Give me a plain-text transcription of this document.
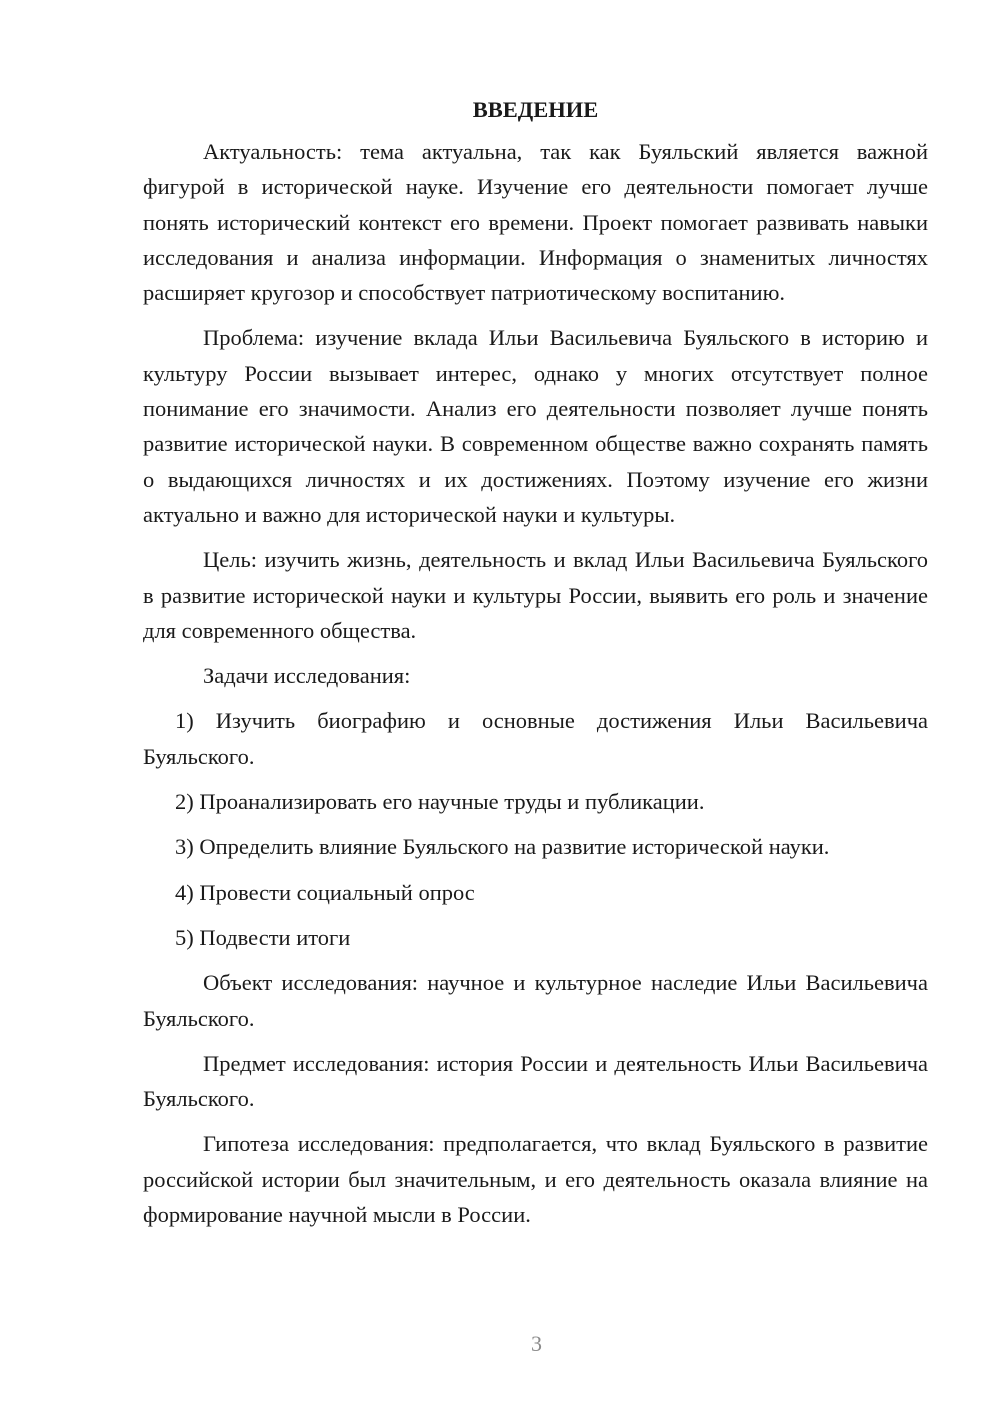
ВВЕДЕНИЕ

Актуальность: тема актуальна, так как Буяльский является важной фигурой в исторической науке. Изучение его деятельности помогает лучше понять исторический контекст его времени. Проект помогает развивать навыки исследования и анализа информации. Информация о знаменитых личностях расширяет кругозор и способствует патриотическому воспитанию.

Проблема: изучение вклада Ильи Васильевича Буяльского в историю и культуру России вызывает интерес, однако у многих отсутствует полное понимание его значимости. Анализ его деятельности позволяет лучше понять развитие исторической науки. В современном обществе важно сохранять память о выдающихся личностях и их достижениях. Поэтому изучение его жизни актуально и важно для исторической науки и культуры.

Цель: изучить жизнь, деятельность и вклад Ильи Васильевича Буяльского в развитие исторической науки и культуры России, выявить его роль и значение для современного общества.

Задачи исследования:

1) Изучить биографию и основные достижения Ильи Васильевича Буяльского.

2) Проанализировать его научные труды и публикации.

3) Определить влияние Буяльского на развитие исторической науки.

4) Провести социальный опрос

5) Подвести итоги

Объект исследования: научное и культурное наследие Ильи Васильевича Буяльского.

Предмет исследования: история России и деятельность Ильи Васильевича Буяльского.

Гипотеза исследования: предполагается, что вклад Буяльского в развитие российской истории был значительным, и его деятельность оказала влияние на формирование научной мысли в России.

3
